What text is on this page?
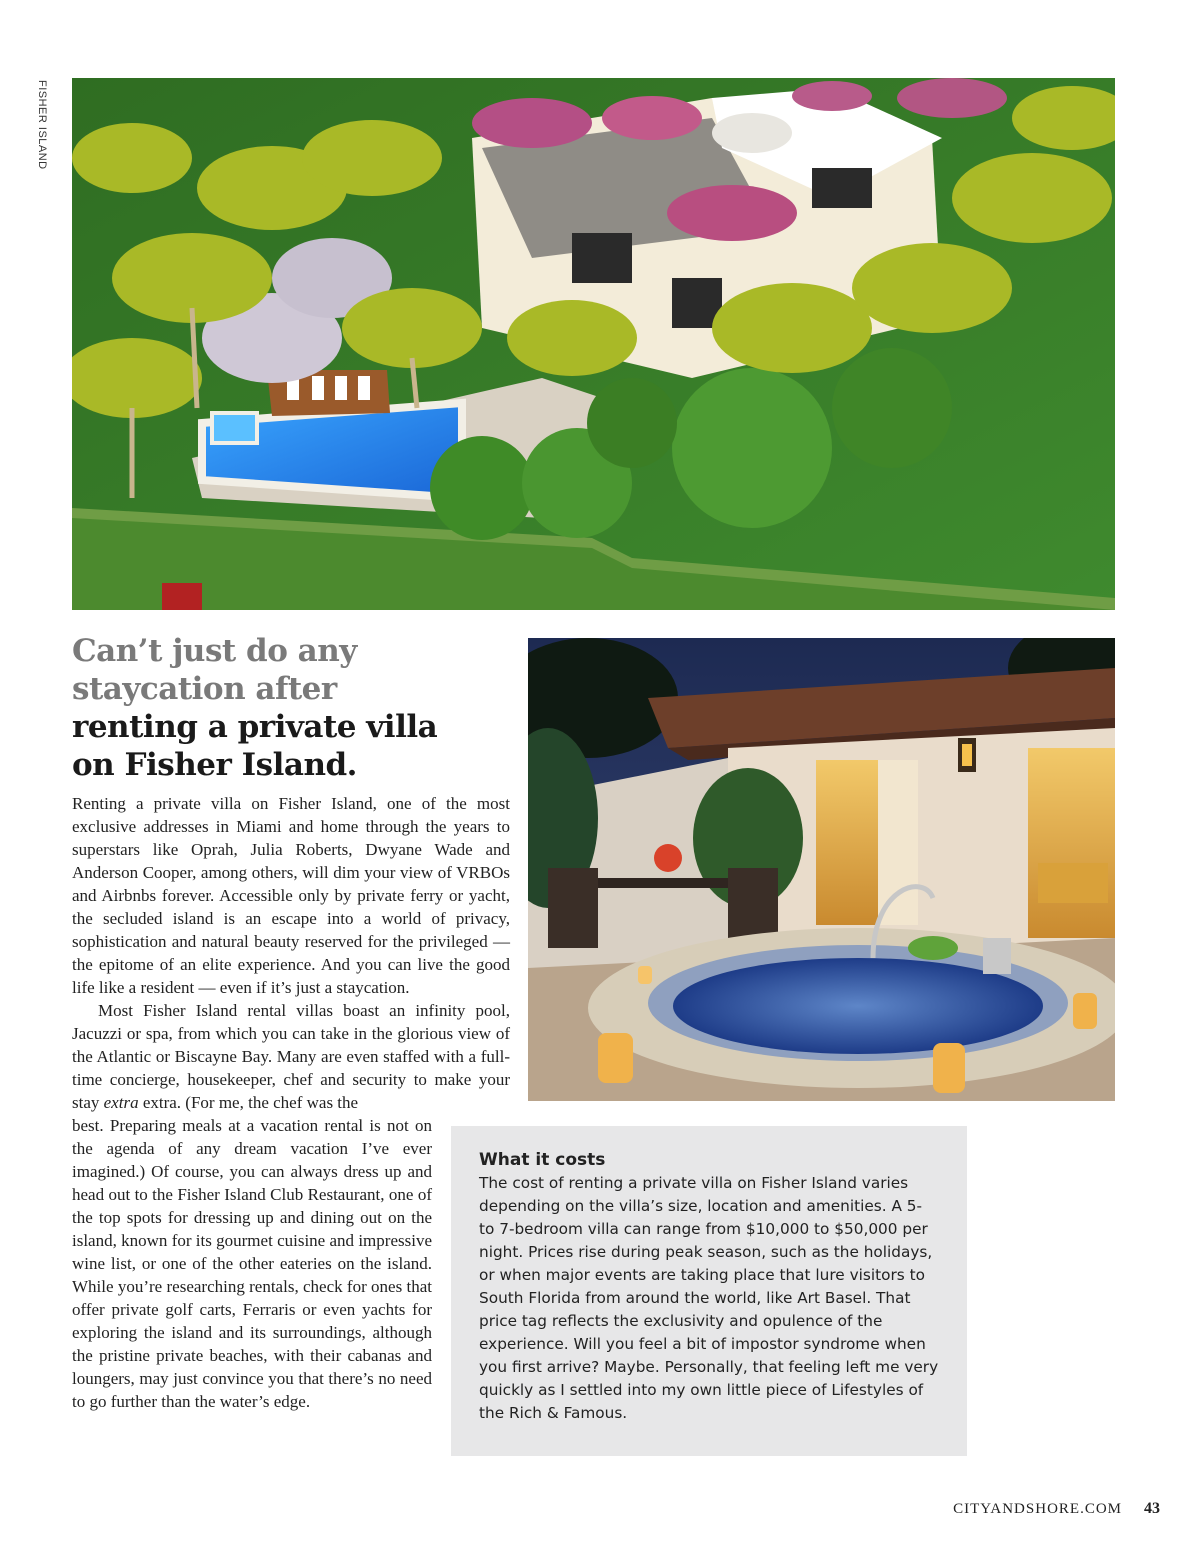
FISHER ISLAND
Can’t just do any
staycation after
renting a private villa
on Fisher Island.

Renting a private villa on Fisher Island, one of the most exclusive addresses in Miami and home through the years to superstars like Oprah, Julia Roberts, Dwyane Wade and Anderson Cooper, among others, will dim your view of VRBOs and Airbnbs forever. Accessible only by private ferry or yacht, the secluded island is an escape into a world of privacy, sophistication and natural beauty reserved for the privileged — the epitome of an elite experience. And you can live the good life like a resident — even if it’s just a staycation.

Most Fisher Island rental villas boast an infinity pool, Jacuzzi or spa, from which you can take in the glorious view of the Atlantic or Biscayne Bay. Many are even staffed with a full-time concierge, housekeeper, chef and security to make your stay extra extra. (For me, the chef was the

best. Preparing meals at a vacation rental is not on the agenda of any dream vacation I’ve ever imagined.) Of course, you can always dress up and head out to the Fisher Island Club Restaurant, one of the top spots for dressing up and dining out on the island, known for its gourmet cuisine and impressive wine list, or one of the other eateries on the island. While you’re researching rentals, check for ones that offer private golf carts, Ferraris or even yachts for exploring the island and its surroundings, although the pristine private beaches, with their cabanas and loungers, may just convince you that there’s no need to go further than the water’s edge.

What it costs

The cost of renting a private villa on Fisher Island varies depending on the villa’s size, location and amenities. A 5- to 7-bedroom villa can range from $10,000 to $50,000 per night. Prices rise during peak season, such as the holidays, or when major events are taking place that lure visitors to South Florida from around the world, like Art Basel. That price tag reflects the exclusivity and opulence of the experience. Will you feel a bit of impostor syndrome when you first arrive? Maybe. Personally, that feeling left me very quickly as I settled into my own little piece of Lifestyles of the Rich & Famous.

CITYANDSHORE.COM 43
